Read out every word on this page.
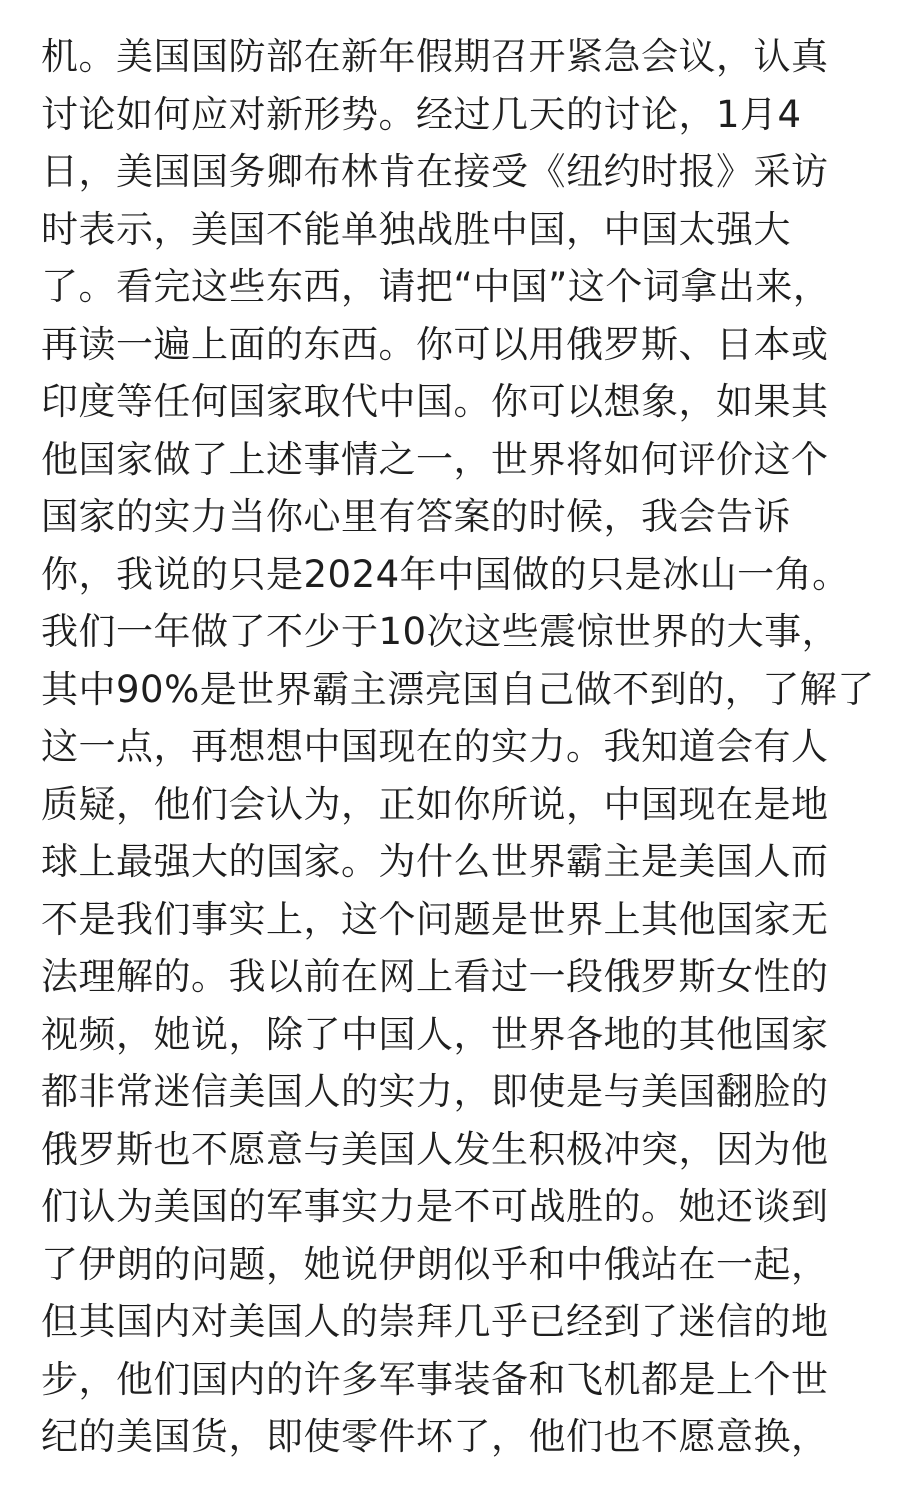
机。美国国防部在新年假期召开紧急会议，认真
讨论如何应对新形势。经过几天的讨论，1月4
日，美国国务卿布林肯在接受《纽约时报》采访
时表示，美国不能单独战胜中国，中国太强大
了。看完这些东西，请把“中国”这个词拿出来，
再读一遍上面的东西。你可以用俄罗斯、日本或
印度等任何国家取代中国。你可以想象，如果其
他国家做了上述事情之一，世界将如何评价这个
国家的实力当你心里有答案的时候，我会告诉
你，我说的只是2024年中国做的只是冰山一角。
我们一年做了不少于10次这些震惊世界的大事，
其中90%是世界霸主漂亮国自己做不到的，了解了
这一点，再想想中国现在的实力。我知道会有人
质疑，他们会认为，正如你所说，中国现在是地
球上最强大的国家。为什么世界霸主是美国人而
不是我们事实上，这个问题是世界上其他国家无
法理解的。我以前在网上看过一段俄罗斯女性的
视频，她说，除了中国人，世界各地的其他国家
都非常迷信美国人的实力，即使是与美国翻脸的
俄罗斯也不愿意与美国人发生积极冲突，因为他
们认为美国的军事实力是不可战胜的。她还谈到
了伊朗的问题，她说伊朗似乎和中俄站在一起，
但其国内对美国人的崇拜几乎已经到了迷信的地
步，他们国内的许多军事装备和飞机都是上个世
纪的美国货，即使零件坏了，他们也不愿意换，
